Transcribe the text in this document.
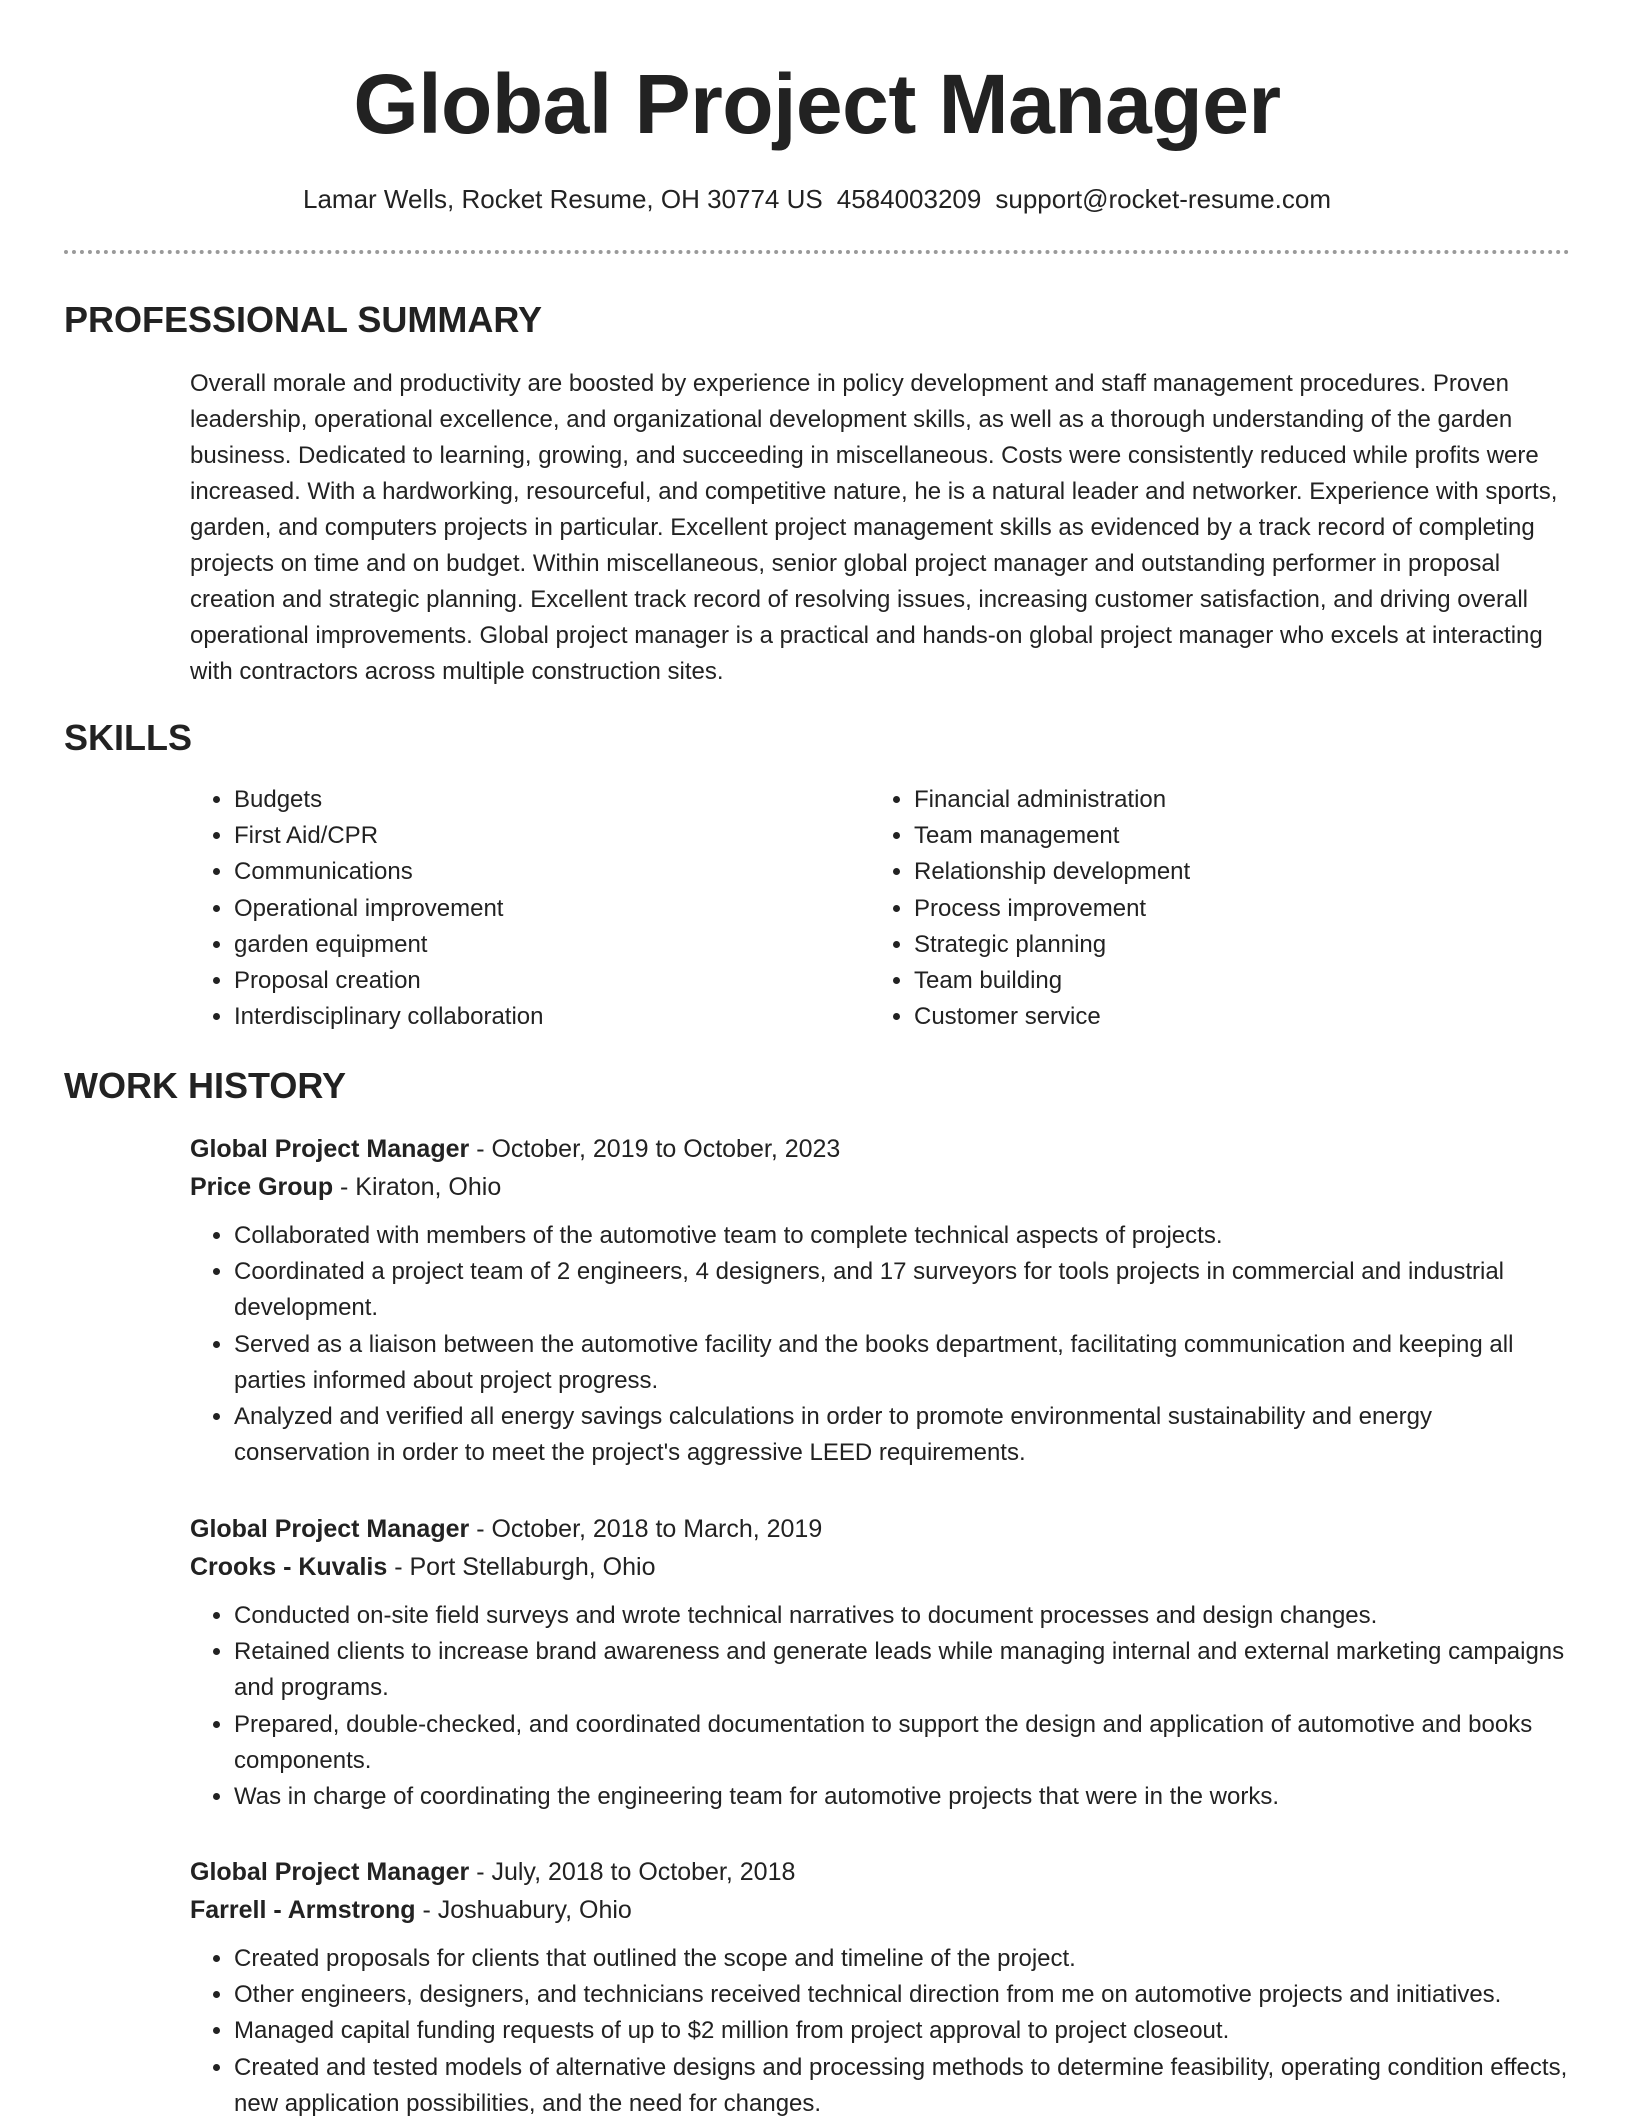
Global Project Manager
Lamar Wells, Rocket Resume, OH 30774 US 4584003209 support@rocket-resume.com
PROFESSIONAL SUMMARY

Overall morale and productivity are boosted by experience in policy development and staff management procedures. Proven leadership, operational excellence, and organizational development skills, as well as a thorough understanding of the garden business. Dedicated to learning, growing, and succeeding in miscellaneous. Costs were consistently reduced while profits were increased. With a hardworking, resourceful, and competitive nature, he is a natural leader and networker. Experience with sports, garden, and computers projects in particular. Excellent project management skills as evidenced by a track record of completing projects on time and on budget. Within miscellaneous, senior global project manager and outstanding performer in proposal creation and strategic planning. Excellent track record of resolving issues, increasing customer satisfaction, and driving overall operational improvements. Global project manager is a practical and hands-on global project manager who excels at interacting with contractors across multiple construction sites.

SKILLS
• Budgets
• First Aid/CPR
• Communications
• Operational improvement
• garden equipment
• Proposal creation
• Interdisciplinary collaboration
• Financial administration
• Team management
• Relationship development
• Process improvement
• Strategic planning
• Team building
• Customer service
WORK HISTORY

Global Project Manager - October, 2019 to October, 2023

Price Group - Kiraton, Ohio

• Collaborated with members of the automotive team to complete technical aspects of projects.
• Coordinated a project team of 2 engineers, 4 designers, and 17 surveyors for tools projects in commercial and industrial development.
• Served as a liaison between the automotive facility and the books department, facilitating communication and keeping all parties informed about project progress.
• Analyzed and verified all energy savings calculations in order to promote environmental sustainability and energy conservation in order to meet the project's aggressive LEED requirements.

Global Project Manager - October, 2018 to March, 2019

Crooks - Kuvalis - Port Stellaburgh, Ohio

• Conducted on-site field surveys and wrote technical narratives to document processes and design changes.
• Retained clients to increase brand awareness and generate leads while managing internal and external marketing campaigns and programs.
• Prepared, double-checked, and coordinated documentation to support the design and application of automotive and books components.
• Was in charge of coordinating the engineering team for automotive projects that were in the works.

Global Project Manager - July, 2018 to October, 2018

Farrell - Armstrong - Joshuabury, Ohio

• Created proposals for clients that outlined the scope and timeline of the project.
• Other engineers, designers, and technicians received technical direction from me on automotive projects and initiatives.
• Managed capital funding requests of up to $2 million from project approval to project closeout.
• Created and tested models of alternative designs and processing methods to determine feasibility, operating condition effects, new application possibilities, and the need for changes.
